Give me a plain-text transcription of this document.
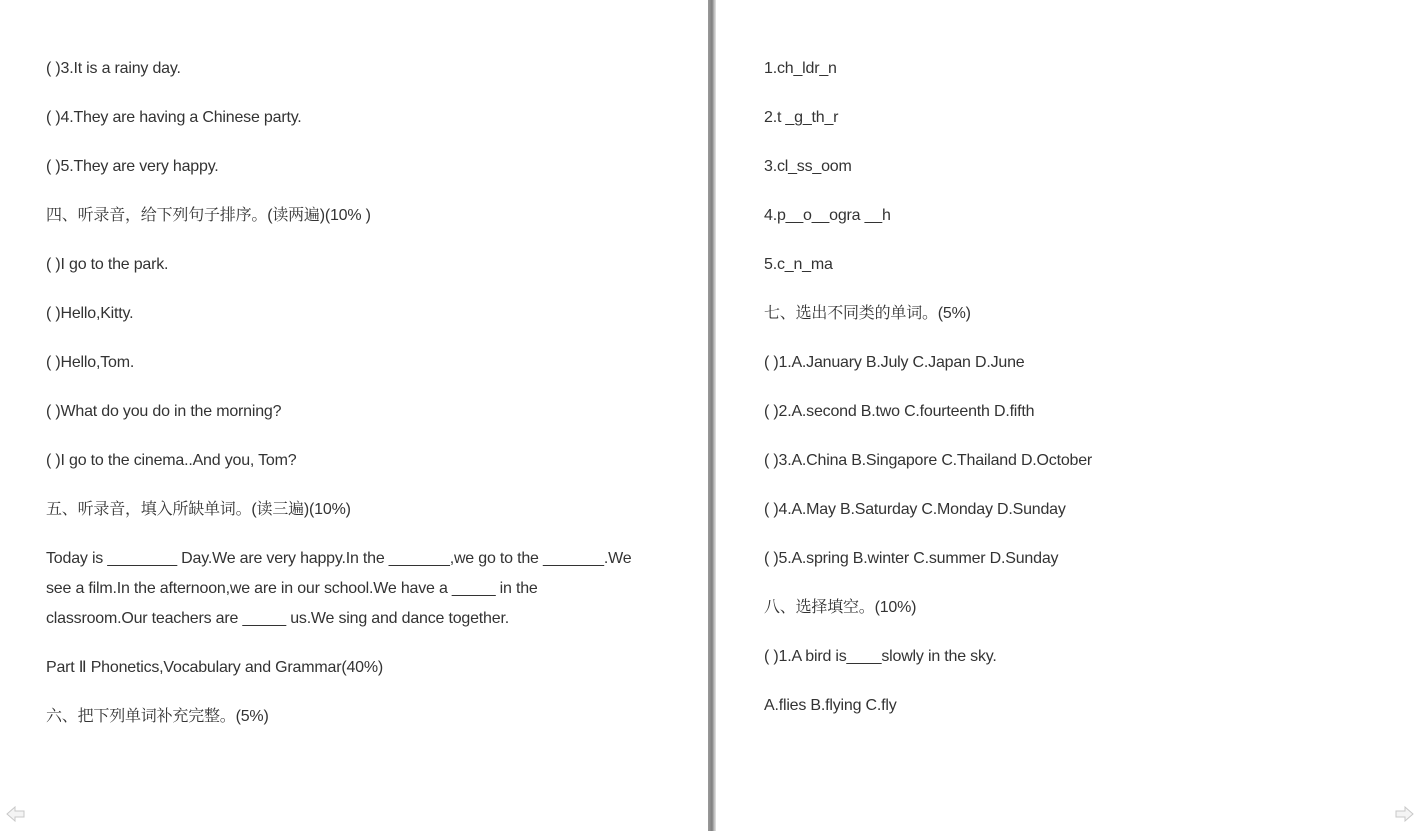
( )3.It is a rainy day.
( )4.They are having a Chinese party.
( )5.They are very happy.
四、听录音，给下列句子排序。(读两遍)(10% )
( )I go to the park.
( )Hello,Kitty.
( )Hello,Tom.
( )What do you do in the morning?
( )I go to the cinema..And you, Tom?
五、听录音，填入所缺单词。(读三遍)(10%)
Today is ________ Day.We are very happy.In the _______,we go to the _______.We
see a film.In the afternoon,we are in our school.We have a _____ in the
classroom.Our teachers are _____ us.We sing and dance together.
Part Ⅱ Phonetics,Vocabulary and Grammar(40%)
六、把下列单词补充完整。(5%)
1.ch_ldr_n
2.t _g_th_r
3.cl_ss_oom
4.p__o__ogra __h
5.c_n_ma
七、选出不同类的单词。(5%)
( )1.A.January B.July C.Japan D.June
( )2.A.second B.two C.fourteenth D.fifth
( )3.A.China B.Singapore C.Thailand D.October
( )4.A.May B.Saturday C.Monday D.Sunday
( )5.A.spring B.winter C.summer D.Sunday
八、选择填空。(10%)
( )1.A bird is____slowly in the sky.
A.flies B.flying C.fly
